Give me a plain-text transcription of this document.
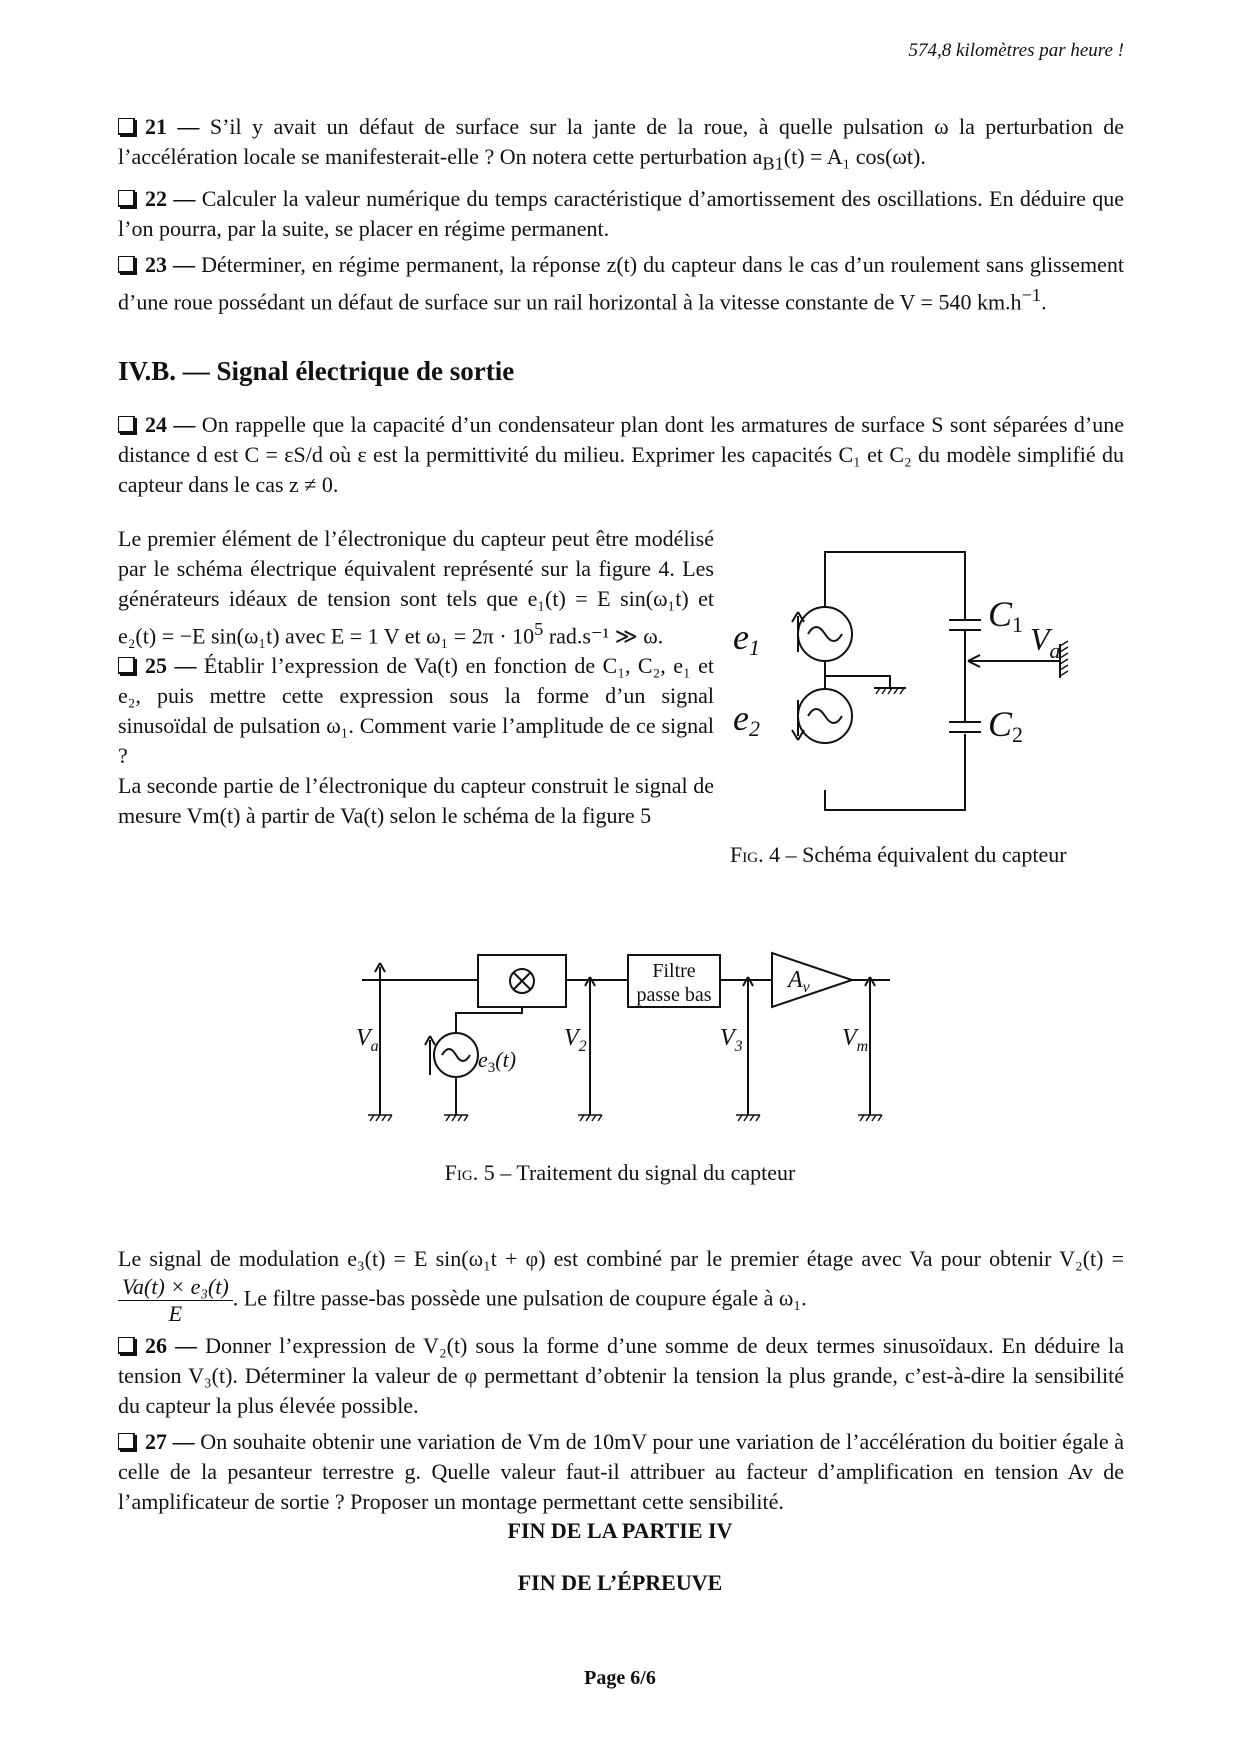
574,8 kilomètres par heure !

21 — S’il y avait un défaut de surface sur la jante de la roue, à quelle pulsation ω la perturbation de l’accélération locale se manifesterait-elle ? On notera cette perturbation $a_{B1}(t) = A_1$ cos(ωt).

22 — Calculer la valeur numérique du temps caractéristique d’amortissement des oscillations. En déduire que l’on pourra, par la suite, se placer en régime permanent.

23 — Déterminer, en régime permanent, la réponse z(t) du capteur dans le cas d’un roulement sans glissement d’une roue possédant un défaut de surface sur un rail horizontal à la vitesse constante de V = 540 $km.h^{-1}$.

IV.B. — Signal électrique de sortie

24 — On rappelle que la capacité d’un condensateur plan dont les armatures de surface S sont séparées d’une distance d est C = εS/d où ε est la permittivité du milieu. Exprimer les capacités C₁ et C₂ du modèle simplifié du capteur dans le cas z ≠ 0.

Le premier élément de l’électronique du capteur peut être modélisé par le schéma électrique équivalent représenté sur la figure 4. Les générateurs idéaux de tension sont tels que e₁(t) = E sin(ω₁t) et e₂(t) = −E sin(ω₁t) avec E = 1 V et $\omega_1 = 2\pi \cdot 10^5$ rad.s⁻¹ ≫ ω.

25 — Établir l’expression de Va(t) en fonction de C₁, C₂, e₁ et e₂, puis mettre cette expression sous la forme d’un signal sinusoïdal de pulsation ω₁. Comment varie l’amplitude de ce signal ?

La seconde partie de l’électronique du capteur construit le signal de mesure Vm(t) à partir de Va(t) selon le schéma de la figure 5

e1
e2
C1
C2
$V_a$
Fig. 4 – Schéma équivalent du capteur
Filtre
passe bas
$A_v$
$V_a$	$V_2$	$V_3$	$V_m$
$e_3(t)$
Fig. 5 – Traitement du signal du capteur

Le signal de modulation e₃(t) = E sin(ω₁t + φ) est combiné par le premier étage avec Va pour obtenir V₂(t) =
$\frac{\text{Va(t) × e₃(t)}}{E}$ . Le filtre passe-bas possède une pulsation de coupure égale à ω₁.

26 — Donner l’expression de V₂(t) sous la forme d’une somme de deux termes sinusoïdaux. En déduire la tension V₃(t). Déterminer la valeur de φ permettant d’obtenir la tension la plus grande, c’est-à-dire la sensibilité du capteur la plus élevée possible.

27 — On souhaite obtenir une variation de Vm de 10mV pour une variation de l’accélération du boitier égale à celle de la pesanteur terrestre g. Quelle valeur faut-il attribuer au facteur d’amplification en tension Av de l’amplificateur de sortie ? Proposer un montage permettant cette sensibilité.

FIN DE LA PARTIE IV
FIN DE L’ÉPREUVE
Page 6/6
